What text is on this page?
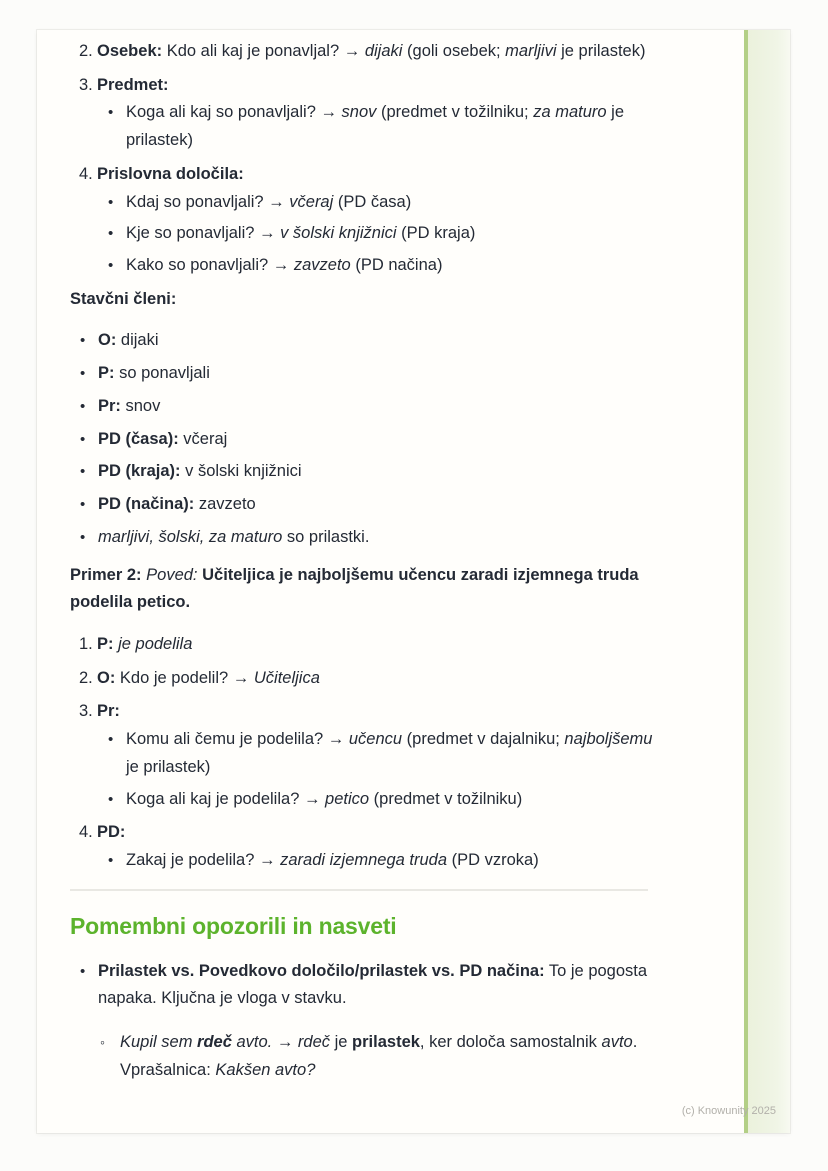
2. Osebek: Kdo ali kaj je ponavljal? → dijaki (goli osebek; marljivi je prilastek)
3. Predmet:
• Koga ali kaj so ponavljali? → snov (predmet v tožilniku; za maturo je
prilastek)
4. Prislovna določila:
• Kdaj so ponavljali? → včeraj (PD časa)
• Kje so ponavljali? → v šolski knjižnici (PD kraja)
• Kako so ponavljali? → zavzeto (PD načina)
Stavčni členi:
• O: dijaki
• P: so ponavljali
• Pr: snov
• PD (časa): včeraj
• PD (kraja): v šolski knjižnici
• PD (načina): zavzeto
• marljivi, šolski, za maturo so prilastki.
Primer 2: Poved: Učiteljica je najboljšemu učencu zaradi izjemnega truda
podelila petico.
1. P: je podelila
2. O: Kdo je podelil? → Učiteljica
3. Pr:
• Komu ali čemu je podelila? → učencu (predmet v dajalniku; najboljšemu
je prilastek)
• Koga ali kaj je podelila? → petico (predmet v tožilniku)
4. PD:
• Zakaj je podelila? → zaradi izjemnega truda (PD vzroka)
Pomembni opozorili in nasveti
• Prilastek vs. Povedkovo določilo/prilastek vs. PD načina: To je pogosta
napaka. Ključna je vloga v stavku.
◦ Kupil sem rdeč avto. → rdeč je prilastek, ker določa samostalnik avto.
Vprašalnica: Kakšen avto?
(c) Knowunity 2025
